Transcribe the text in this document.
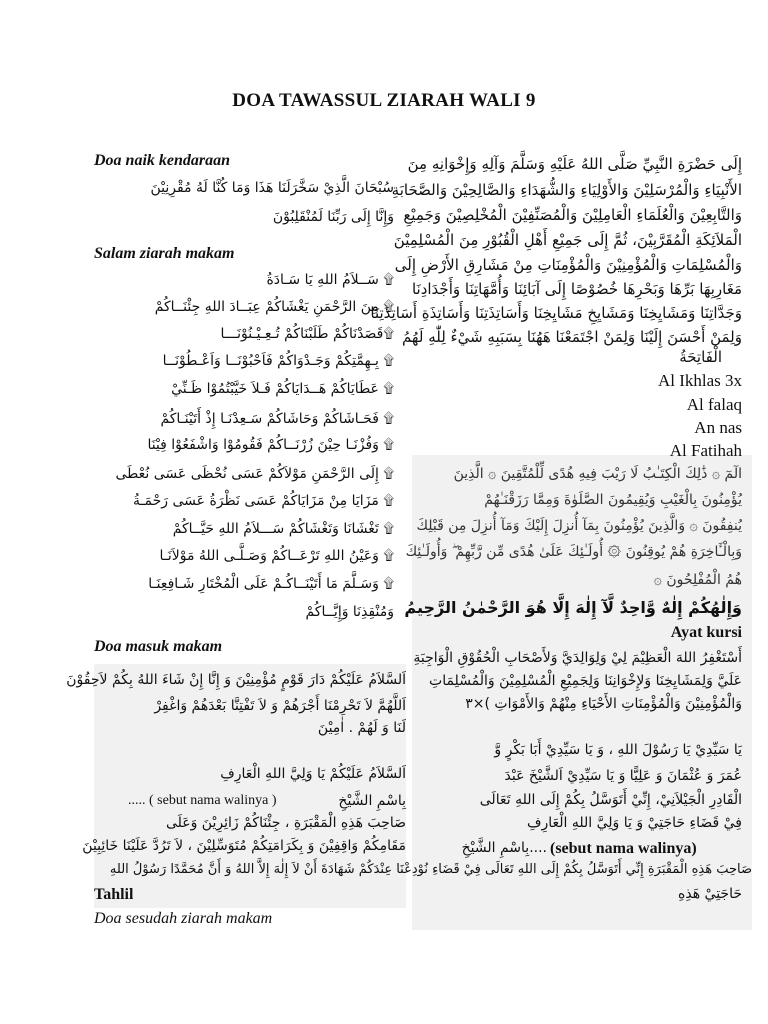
DOA TAWASSUL ZIARAH WALI 9
Doa naik kendaraan
سُبْحَانَ الَّذِيْ سَخَّرَلَنَا هَذَا وَمَا كُنَّا لَهُ مُقْرِنِيْنَ
وَإِنَّا إِلَى رَبِّنَا لَمُنْقَلِبُوْنَ
Salam ziarah makam
۩ سَــلاَمُ اللهِ يَا سَـادَةُ
۩ مِنَ الرَّحْمَنِ يَغْشَاكُمْ عِبَــادَ اللهِ جِئْنَــاكُمْ
۩قَصَدْنَاكُمْ طَلَبْنَاكُمْ تُـعِـيْـنُوْنَـــا
۩ بِـهِمَّتِكُمْ وَجَـدْوَاكُمْ فَاَحْبُوْنَــا وَاَعْـطُوْنَــا
۩ عَطَايَاكُمْ هَــدَايَاكُمْ فَـلاَ خَيَّبْتُمُوْا ظَـنِّيْ
۩ فَحَـاشَاكُمْ وَحَاشَاكُمْ سَـعِدْنَـا إِذْ أَتَيْنَـاكُمْ
۩ وَفُزْنَـا حِيْنَ زُرْنَــاكُمْ فَقُومُوْا وَاشْفَعُوْا فِيْنَا
۩ إِلَى الرَّحْمَنِ مَوْلاَكُمْ عَسَى نُحْظَى عَسَى نُعْطَى
۩ مَزَايَا مِنْ مَزَايَاكُمْ عَسَى نَظْرَةُ عَسَى رَحْمَـةُ
۩ تَغْشَانَا وَتَغْشَاكُمْ سَـــلاَمُ اللهِ حَيَّــاكُمْ
۩ وَعَيْنُ اللهِ تَرْعَــاكُمْ وَصَـلَّـى اللهُ مَوْلاَنَـا
۩ وَسَـلَّمَ مَا أَتَيْنَــاكُـمْ عَلَى الْمُخْتَارِ شَـافِعِنَـا
وَمُنْقِذِنَا وَإِيَّــاكُمْ
Doa masuk makam
اَلسَّلاَمُ عَلَيْكُمْ دَارَ قَوْمٍ مُؤْمِنِيْنَ وَ إِنَّا إِنْ شَاءَ اللهُ بِكُمْ لاَحِقُوْنَ
اَللَّهُمَّ لاَ تَحْرِمْنَا أَجْرَهُمْ وَ لاَ تَفْتِنَّا بَعْدَهُمْ وَاغْفِرْ
لَنَا وَ لَهُمْ . اٰمِيْنَ
اَلسَّلاَمُ عَلَيْكُمْ يَا وَلِيَّ اللهِ الْعَارِفِ
..... ( sebut nama walinya )	بِاسْمِ الشَّيْخِ
صَاحِبَ هَذِهِ الْمَقْبَرَةِ ، جِئْنَاكُمْ زَائِرِيْنَ وَعَلَى
مَقَامِكُمْ وَاقِفِيْنَ وَ بِكَرَامَتِكُمْ مُتَوَسِّلِيْنَ ، لاَ تَرُدَّ عَلَيْنَا خَائِبِيْنَ
Tahlil
Doa sesudah ziarah makam
إِلَى حَضْرَةِ النَّبِيِّ صَلَّى اللهُ عَلَيْهِ وَسَلَّمَ وَآلِهِ وَإِخْوَانِهِ مِنَ
الأَنْبِيَاءِ وَالْمُرْسَلِيْنَ وَالأَوْلِيَاءِ وَالشُّهَدَاءِ وَالصَّالِحِيْنَ وَالصَّحَابَةِ
وَالتَّابِعِيْنَ وَالْعُلَمَاءِ الْعَامِلِيْنَ وَالْمُصَنِّفِيْنَ الْمُخْلِصِيْنَ وَجَمِيْعِ
الْمَلاَئِكَةِ الْمُقَرَّبِيْنَ، ثُمَّ إِلَى جَمِيْعِ أَهْلِ الْقُبُوْرِ مِنَ الْمُسْلِمِيْنَ
وَالْمُسْلِمَاتِ وَالْمُؤْمِنِيْنَ وَالْمُؤْمِنَاتِ مِنْ مَشَارِقِ الأَرْضِ إِلَى
مَغَارِبِهَا بَرِّهَا وَبَحْرِهَا خُصُوْصًا إِلَى آبَائِنَا وَأُمَّهَاتِنَا وَأَجْدَادِنَا
وَجَدَّاتِنَا وَمَشَايِخِنَا وَمَشَايِخِ مَشَايِخِنَا وَأَسَاتِذَتِنَا وَأَسَاتِذَةِ أَسَاتِذَتِنَا
وَلِمَنْ أَحْسَنَ إِلَيْنَا وَلِمَنْ اجْتَمَعْنَا هَهُنَا بِسَبَبِهِ شَيْءٌ لِلّٰهِ لَهُمُ
الْفَاتِحَةُ
Al Ikhlas 3x
Al falaq
An nas
Al Fatihah
الٓمٓ ۞ ذَٰلِكَ الْكِتَـٰبُ لَا رَيْبَ فِيهِ هُدًى لِّلْمُتَّقِينَ ۞ الَّذِينَ
يُؤْمِنُونَ بِالْغَيْبِ وَيُقِيمُونَ الصَّلَوٰةَ وَمِمَّا رَزَقْنَـٰهُمْ
يُنفِقُونَ ۞ وَالَّذِينَ يُؤْمِنُونَ بِمَآ أُنزِلَ إِلَيْكَ وَمَآ أُنزِلَ مِن قَبْلِكَ
وَبِالْـَٔاخِرَةِ هُمْ يُوقِنُونَ ۞ أُولَـٰئِكَ عَلَىٰ هُدًى مِّن رَّبِّهِمْ ۖ وَأُولَـٰئِكَ
هُمُ الْمُفْلِحُونَ ۞
وَإِلٰهُكُمْ إِلٰهٌ وَّاحِدٌ لَّآ إِلٰهَ إِلَّا هُوَ الرَّحْمٰنُ الرَّحِيمُ
Ayat kursi
أَسْتَغْفِرُ اللهَ الْعَظِيْمَ لِيْ وَلِوَالِدَيَّ وَلأَصْحَابِ الْحُقُوْقِ الْوَاجِبَةِ
عَلَيَّ وَلِمَشَايِخِنَا وَلإِخْوَانِنَا وَلِجَمِيْعِ الْمُسْلِمِيْنَ وَالْمُسْلِمَاتِ
وَالْمُؤْمِنِيْنَ وَالْمُؤْمِنَاتِ الأَحْيَاءِ مِنْهُمْ وَالأَمْوَاتِ )×٣
يَا سَيِّدِيْ يَا رَسُوْلَ اللهِ ، وَ يَا سَيِّدِيْ أَبَا بَكْرٍ وَّ
عُمَرَ وَ عُثْمَانَ وَ عَلِيًّا وَ يَا سَيِّدِيْ اَلشَّيْخَ عَبْدَ
الْقَادِرِ الْجَيْلاَنِيْ، إِنِّيْ أَتَوَسَّلُ بِكُمْ إِلَى اللهِ تَعَالَى
فِيْ قَضَاءِ حَاجَتِيْ وَ يَا وَلِيَّ اللهِ الْعَارِفِ
(sebut nama walinya)
....بِاسْمِ الشَّيْخِ
صَاحِبَ هَذِهِ الْمَقْبَرَةِ إِنِّي أَتَوَسَّلُ بِكُمْ إِلَى اللهِ تَعَالَى فِيْ قَضَاءِ نُوْدِعْنَا عِنْدَكُمْ شَهَادَةَ أَنْ لاَ إِلٰهَ إِلاَّ اللهُ وَ أَنَّ مُحَمَّدًا رَسُوْلُ اللهِ
حَاجَتِيْ هَذِهِ
